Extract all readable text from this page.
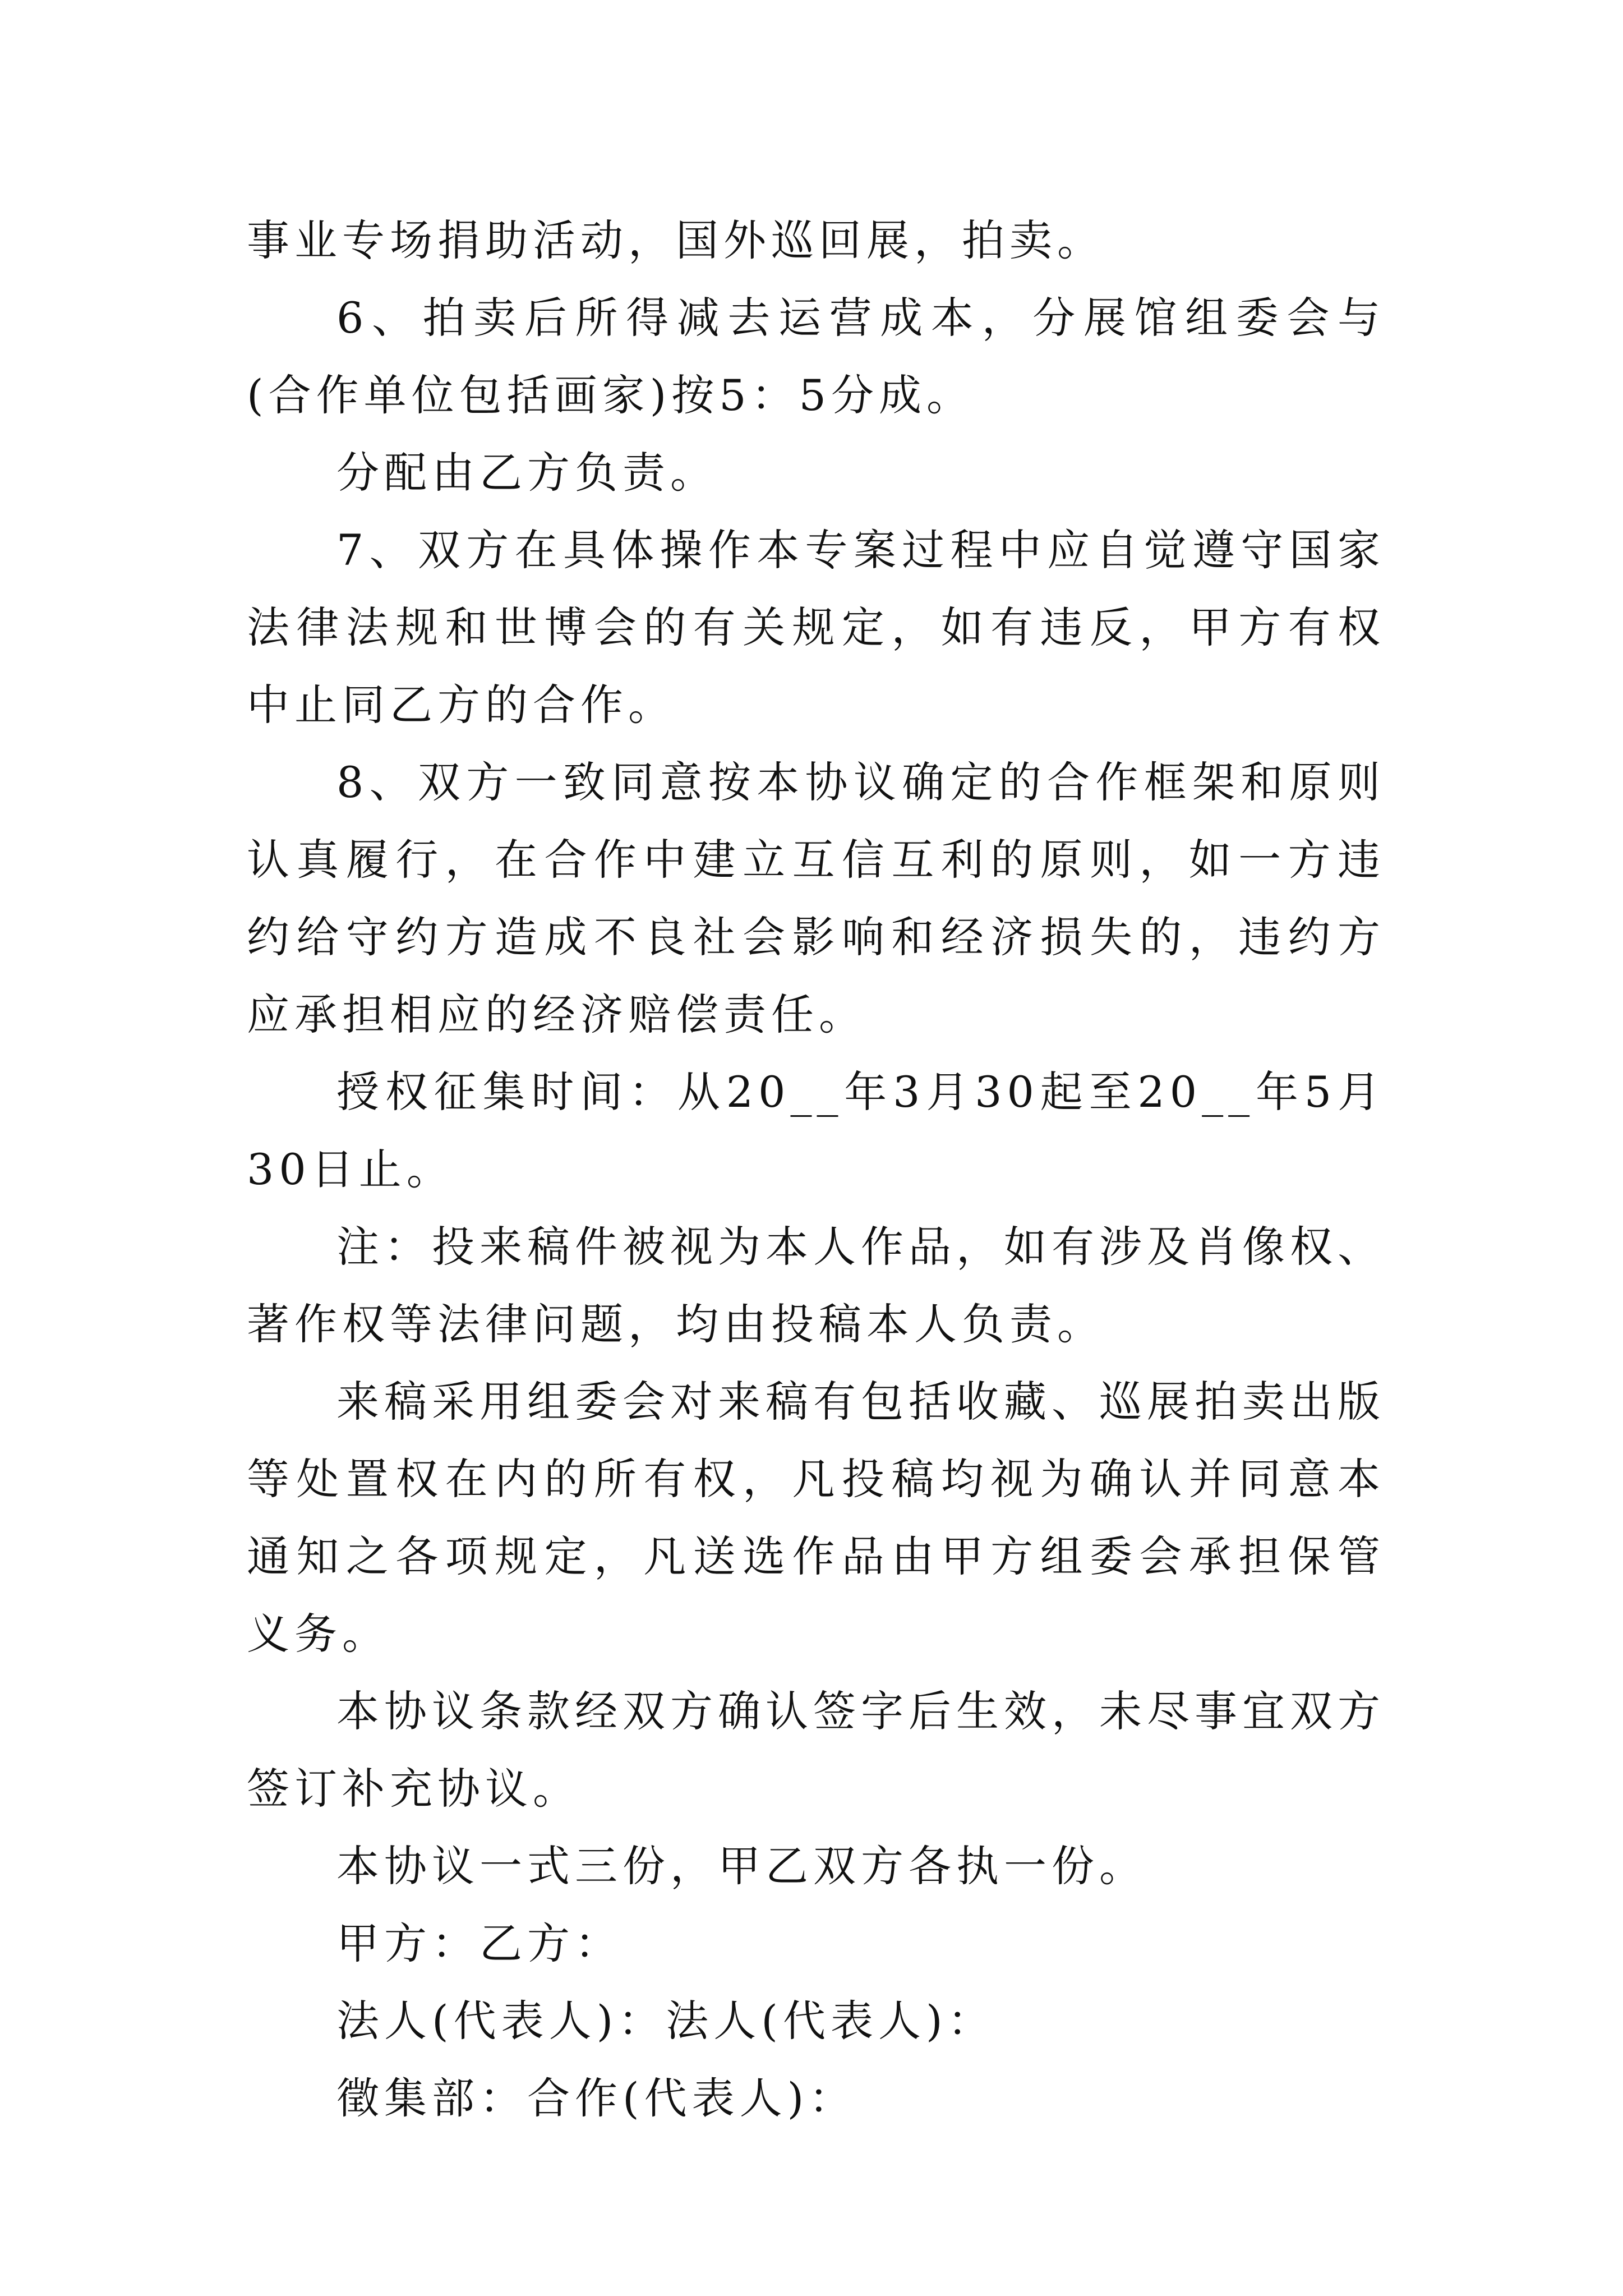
事业专场捐助活动，国外巡回展，拍卖。

6、拍卖后所得减去运营成本，分展馆组委会与(合作单位包括画家)按5：5分成。

分配由乙方负责。

7、双方在具体操作本专案过程中应自觉遵守国家法律法规和世博会的有关规定，如有违反，甲方有权中止同乙方的合作。

8、双方一致同意按本协议确定的合作框架和原则认真履行，在合作中建立互信互利的原则，如一方违约给守约方造成不良社会影响和经济损失的，违约方应承担相应的经济赔偿责任。

授权征集时间：从20__年3月30起至20__年5月30日止。

注：投来稿件被视为本人作品，如有涉及肖像权、著作权等法律问题，均由投稿本人负责。

来稿采用组委会对来稿有包括收藏、巡展拍卖出版等处置权在内的所有权，凡投稿均视为确认并同意本通知之各项规定，凡送选作品由甲方组委会承担保管义务。

本协议条款经双方确认签字后生效，未尽事宜双方签订补充协议。

本协议一式三份，甲乙双方各执一份。

甲方：乙方：

法人(代表人)：法人(代表人)：

徵集部：合作(代表人)：
